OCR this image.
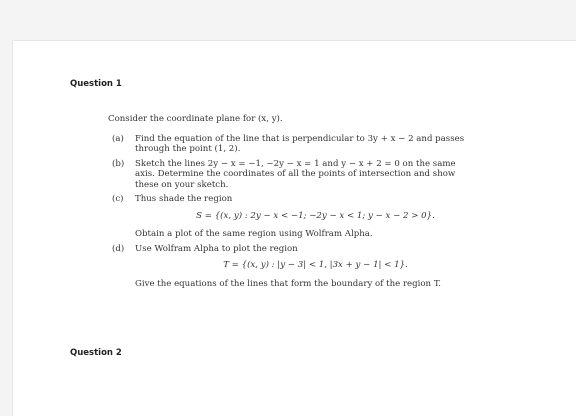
Question 1

Consider the coordinate plane for (x, y).

(a)	Find the equation of the line that is perpendicular to 3y + x − 2 and passes through the point (1, 2).
(b)	Sketch the lines 2y − x = −1, −2y − x = 1 and y − x + 2 = 0 on the same axis. Determine the coordinates of all the points of intersection and show these on your sketch.
(c)	Thus shade the region
S = {(x, y) : 2y − x < −1; −2y − x < 1; y − x − 2 > 0}.
Obtain a plot of the same region using Wolfram Alpha.
(d)	Use Wolfram Alpha to plot the region
T = {(x, y) : |y − 3| < 1, |3x + y − 1| < 1}.
Give the equations of the lines that form the boundary of the region T.
Question 2
